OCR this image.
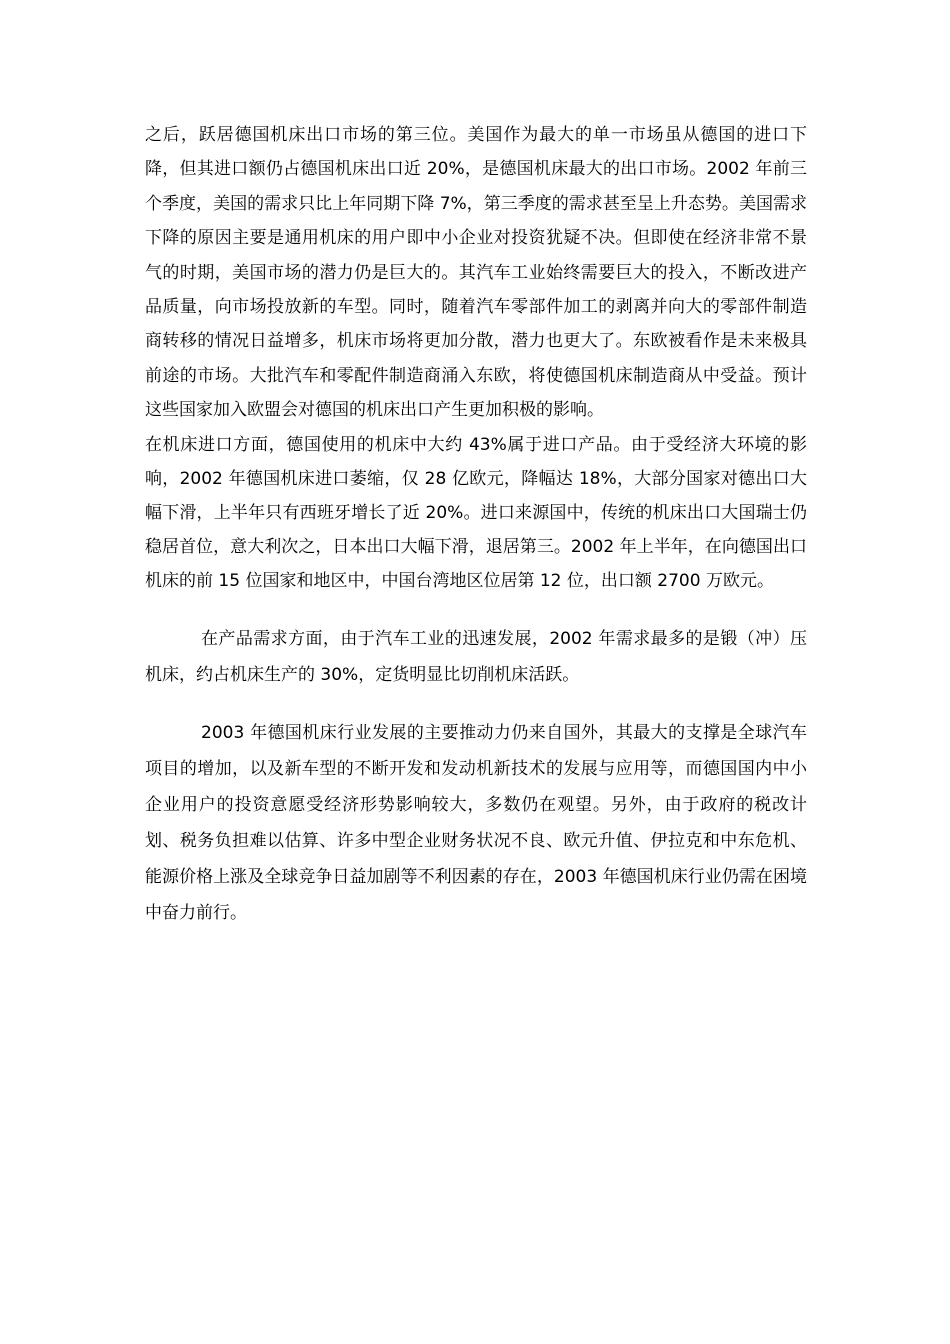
之后，跃居德国机床出口市场的第三位。美国作为最大的单一市场虽从德国的进口下降，但其进口额仍占德国机床出口近 20%，是德国机床最大的出口市场。2002 年前三个季度，美国的需求只比上年同期下降 7%，第三季度的需求甚至呈上升态势。美国需求下降的原因主要是通用机床的用户即中小企业对投资犹疑不决。但即使在经济非常不景气的时期，美国市场的潜力仍是巨大的。其汽车工业始终需要巨大的投入，不断改进产品质量，向市场投放新的车型。同时，随着汽车零部件加工的剥离并向大的零部件制造商转移的情况日益增多，机床市场将更加分散，潜力也更大了。东欧被看作是未来极具前途的市场。大批汽车和零配件制造商涌入东欧，将使德国机床制造商从中受益。预计这些国家加入欧盟会对德国的机床出口产生更加积极的影响。

在机床进口方面，德国使用的机床中大约 43%属于进口产品。由于受经济大环境的影响，2002 年德国机床进口萎缩，仅 28 亿欧元，降幅达 18%，大部分国家对德出口大幅下滑，上半年只有西班牙增长了近 20%。进口来源国中，传统的机床出口大国瑞士仍稳居首位，意大利次之，日本出口大幅下滑，退居第三。2002 年上半年，在向德国出口机床的前 15 位国家和地区中，中国台湾地区位居第 12 位，出口额 2700 万欧元。

在产品需求方面，由于汽车工业的迅速发展，2002 年需求最多的是锻（冲）压机床，约占机床生产的 30%，定货明显比切削机床活跃。

2003 年德国机床行业发展的主要推动力仍来自国外，其最大的支撑是全球汽车项目的增加，以及新车型的不断开发和发动机新技术的发展与应用等，而德国国内中小企业用户的投资意愿受经济形势影响较大，多数仍在观望。另外，由于政府的税改计划、税务负担难以估算、许多中型企业财务状况不良、欧元升值、伊拉克和中东危机、能源价格上涨及全球竞争日益加剧等不利因素的存在，2003 年德国机床行业仍需在困境中奋力前行。
